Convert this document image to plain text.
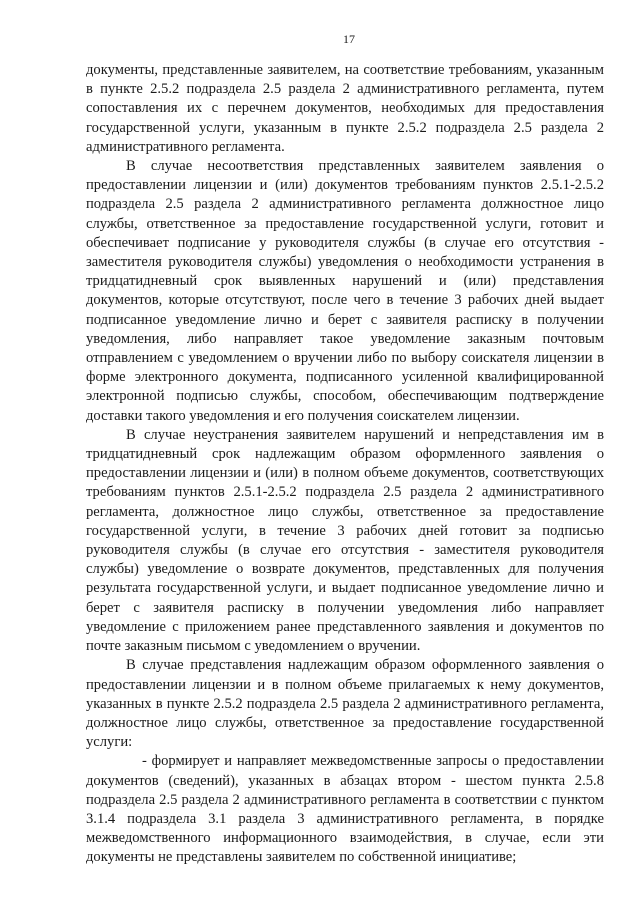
17

документы, представленные заявителем, на соответствие требованиям, указанным в пункте 2.5.2 подраздела 2.5 раздела 2 административного регламента, путем сопоставления их с перечнем документов, необходимых для предоставления государственной услуги, указанным в пункте 2.5.2 подраздела 2.5 раздела 2 административного регламента.

В случае несоответствия представленных заявителем заявления о предоставлении лицензии и (или) документов требованиям пунктов 2.5.1-2.5.2 подраздела 2.5 раздела 2 административного регламента должностное лицо службы, ответственное за предоставление государственной услуги, готовит и обеспечивает подписание у руководителя службы (в случае его отсутствия - заместителя руководителя службы) уведомления о необходимости устранения в тридцатидневный срок выявленных нарушений и (или) представления документов, которые отсутствуют, после чего в течение 3 рабочих дней выдает подписанное уведомление лично и берет с заявителя расписку в получении уведомления, либо направляет такое уведомление заказным почтовым отправлением с уведомлением о вручении либо по выбору соискателя лицензии в форме электронного документа, подписанного усиленной квалифицированной электронной подписью службы, способом, обеспечивающим подтверждение доставки такого уведомления и его получения соискателем лицензии.

В случае неустранения заявителем нарушений и непредставления им в тридцатидневный срок надлежащим образом оформленного заявления о предоставлении лицензии и (или) в полном объеме документов, соответствующих требованиям пунктов 2.5.1-2.5.2 подраздела 2.5 раздела 2 административного регламента, должностное лицо службы, ответственное за предоставление государственной услуги, в течение 3 рабочих дней готовит за подписью руководителя службы (в случае его отсутствия - заместителя руководителя службы) уведомление о возврате документов, представленных для получения результата государственной услуги, и выдает подписанное уведомление лично и берет с заявителя расписку в получении уведомления либо направляет уведомление с приложением ранее представленного заявления и документов по почте заказным письмом с уведомлением о вручении.

В случае представления надлежащим образом оформленного заявления о предоставлении лицензии и в полном объеме прилагаемых к нему документов, указанных в пункте 2.5.2 подраздела 2.5 раздела 2 административного регламента, должностное лицо службы, ответственное за предоставление государственной услуги:

- формирует и направляет межведомственные запросы о предоставлении документов (сведений), указанных в абзацах втором - шестом пункта 2.5.8 подраздела 2.5 раздела 2 административного регламента в соответствии с пунктом 3.1.4 подраздела 3.1 раздела 3 административного регламента, в порядке межведомственного информационного взаимодействия, в случае, если эти документы не представлены заявителем по собственной инициативе;
